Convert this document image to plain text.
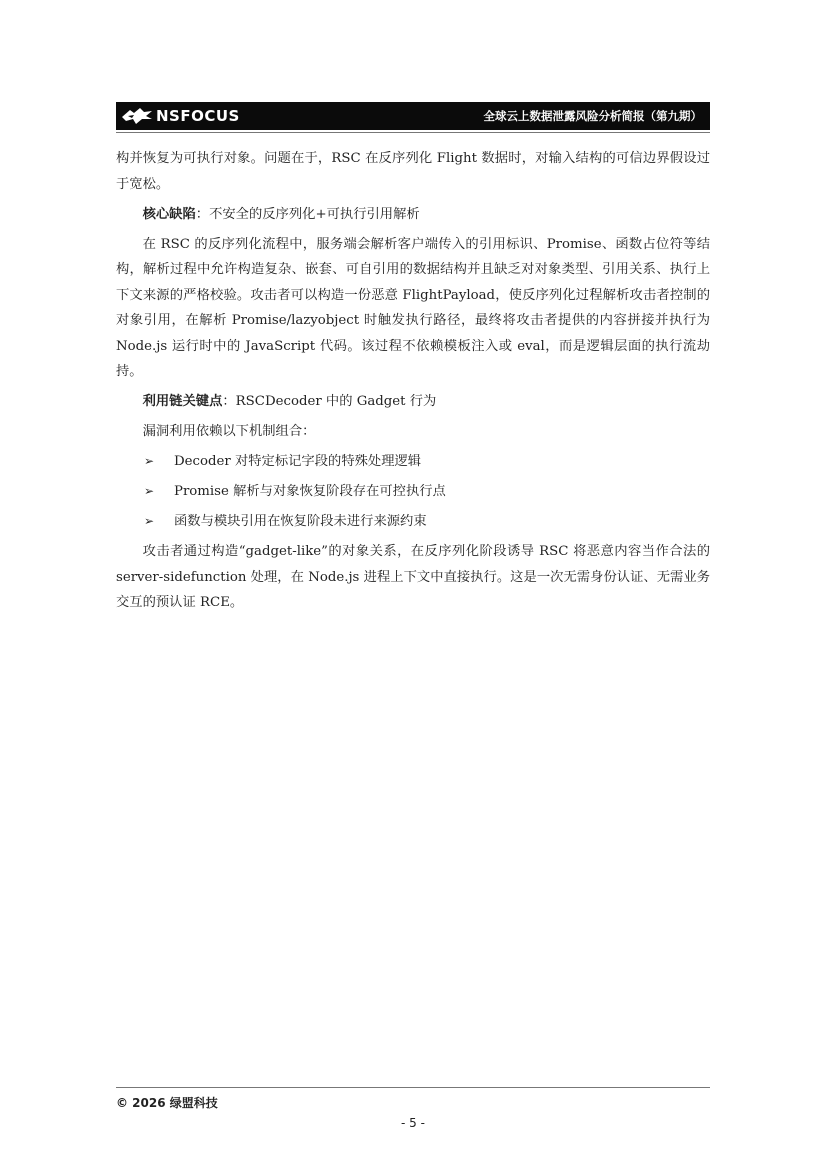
NSFOCUS	全球云上数据泄露风险分析简报（第九期）

构并恢复为可执行对象。问题在于，RSC 在反序列化 Flight 数据时，对输入结构的可信边界假设过于宽松。

核心缺陷：不安全的反序列化+可执行引用解析

在 RSC 的反序列化流程中，服务端会解析客户端传入的引用标识、Promise、函数占位符等结构，解析过程中允许构造复杂、嵌套、可自引用的数据结构并且缺乏对对象类型、引用关系、执行上下文来源的严格校验。攻击者可以构造一份恶意 FlightPayload，使反序列化过程解析攻击者控制的对象引用，在解析 Promise/lazyobject 时触发执行路径，最终将攻击者提供的内容拼接并执行为 Node.js 运行时中的 JavaScript 代码。该过程不依赖模板注入或 eval，而是逻辑层面的执行流劫持。

利用链关键点：RSCDecoder 中的 Gadget 行为

漏洞利用依赖以下机制组合：

➢	Decoder 对特定标记字段的特殊处理逻辑
➢	Promise 解析与对象恢复阶段存在可控执行点
➢	函数与模块引用在恢复阶段未进行来源约束

攻击者通过构造“gadget-like”的对象关系，在反序列化阶段诱导 RSC 将恶意内容当作合法的 server-sidefunction 处理，在 Node.js 进程上下文中直接执行。这是一次无需身份认证、无需业务交互的预认证 RCE。

© 2026 绿盟科技
- 5 -
